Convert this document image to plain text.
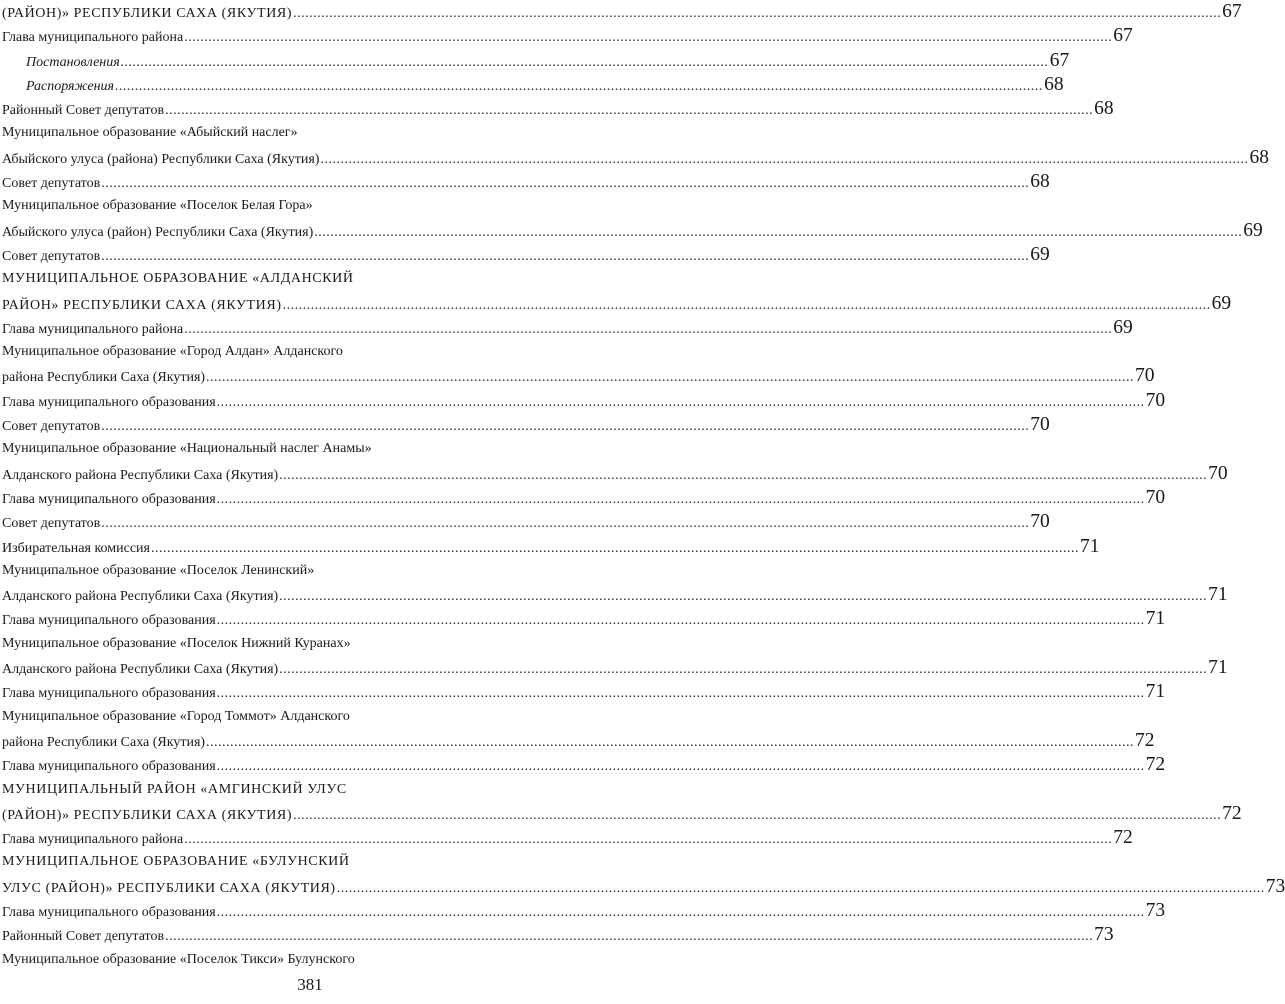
(РАЙОН)» РЕСПУБЛИКИ САХА (ЯКУТИЯ) .....	67
Глава муниципального района .....	67
Постановления .....	67
Распоряжения .....	68
Районный Совет депутатов .....	68
Муниципальное образование «Абыйский наслег»
Абыйского улуса (района) Республики Саха (Якутия) .....	68
Совет депутатов .....	68
Муниципальное образование «Поселок Белая Гора»
Абыйского улуса (район) Республики Саха (Якутия) .....	69
Совет депутатов .....	69
МУНИЦИПАЛЬНОЕ ОБРАЗОВАНИЕ «АЛДАНСКИЙ
РАЙОН» РЕСПУБЛИКИ САХА (ЯКУТИЯ) .....	69
Глава муниципального района .....	69
Муниципальное образование «Город Алдан» Алданского
района Республики Саха (Якутия) .....	70
Глава муниципального образования .....	70
Совет депутатов .....	70
Муниципальное образование «Национальный наслег Анамы»
Алданского района Республики Саха (Якутия) .....	70
Глава муниципального образования .....	70
Совет депутатов .....	70
Избирательная комиссия .....	71
Муниципальное образование «Поселок Ленинский»
Алданского района Республики Саха (Якутия) .....	71
Глава муниципального образования .....	71
Муниципальное образование «Поселок Нижний Куранах»
Алданского района Республики Саха (Якутия) .....	71
Глава муниципального образования .....	71
Муниципальное образование «Город Томмот» Алданского
района Республики Саха (Якутия) .....	72
Глава муниципального образования .....	72
МУНИЦИПАЛЬНЫЙ РАЙОН «АМГИНСКИЙ УЛУС
(РАЙОН)» РЕСПУБЛИКИ САХА (ЯКУТИЯ) .....	72
Глава муниципального района .....	72
МУНИЦИПАЛЬНОЕ ОБРАЗОВАНИЕ «БУЛУНСКИЙ
УЛУС (РАЙОН)» РЕСПУБЛИКИ САХА (ЯКУТИЯ) .....	73
Глава муниципального образования .....	73
Районный Совет депутатов .....	73
Муниципальное образование «Поселок Тикси» Булунского
381
